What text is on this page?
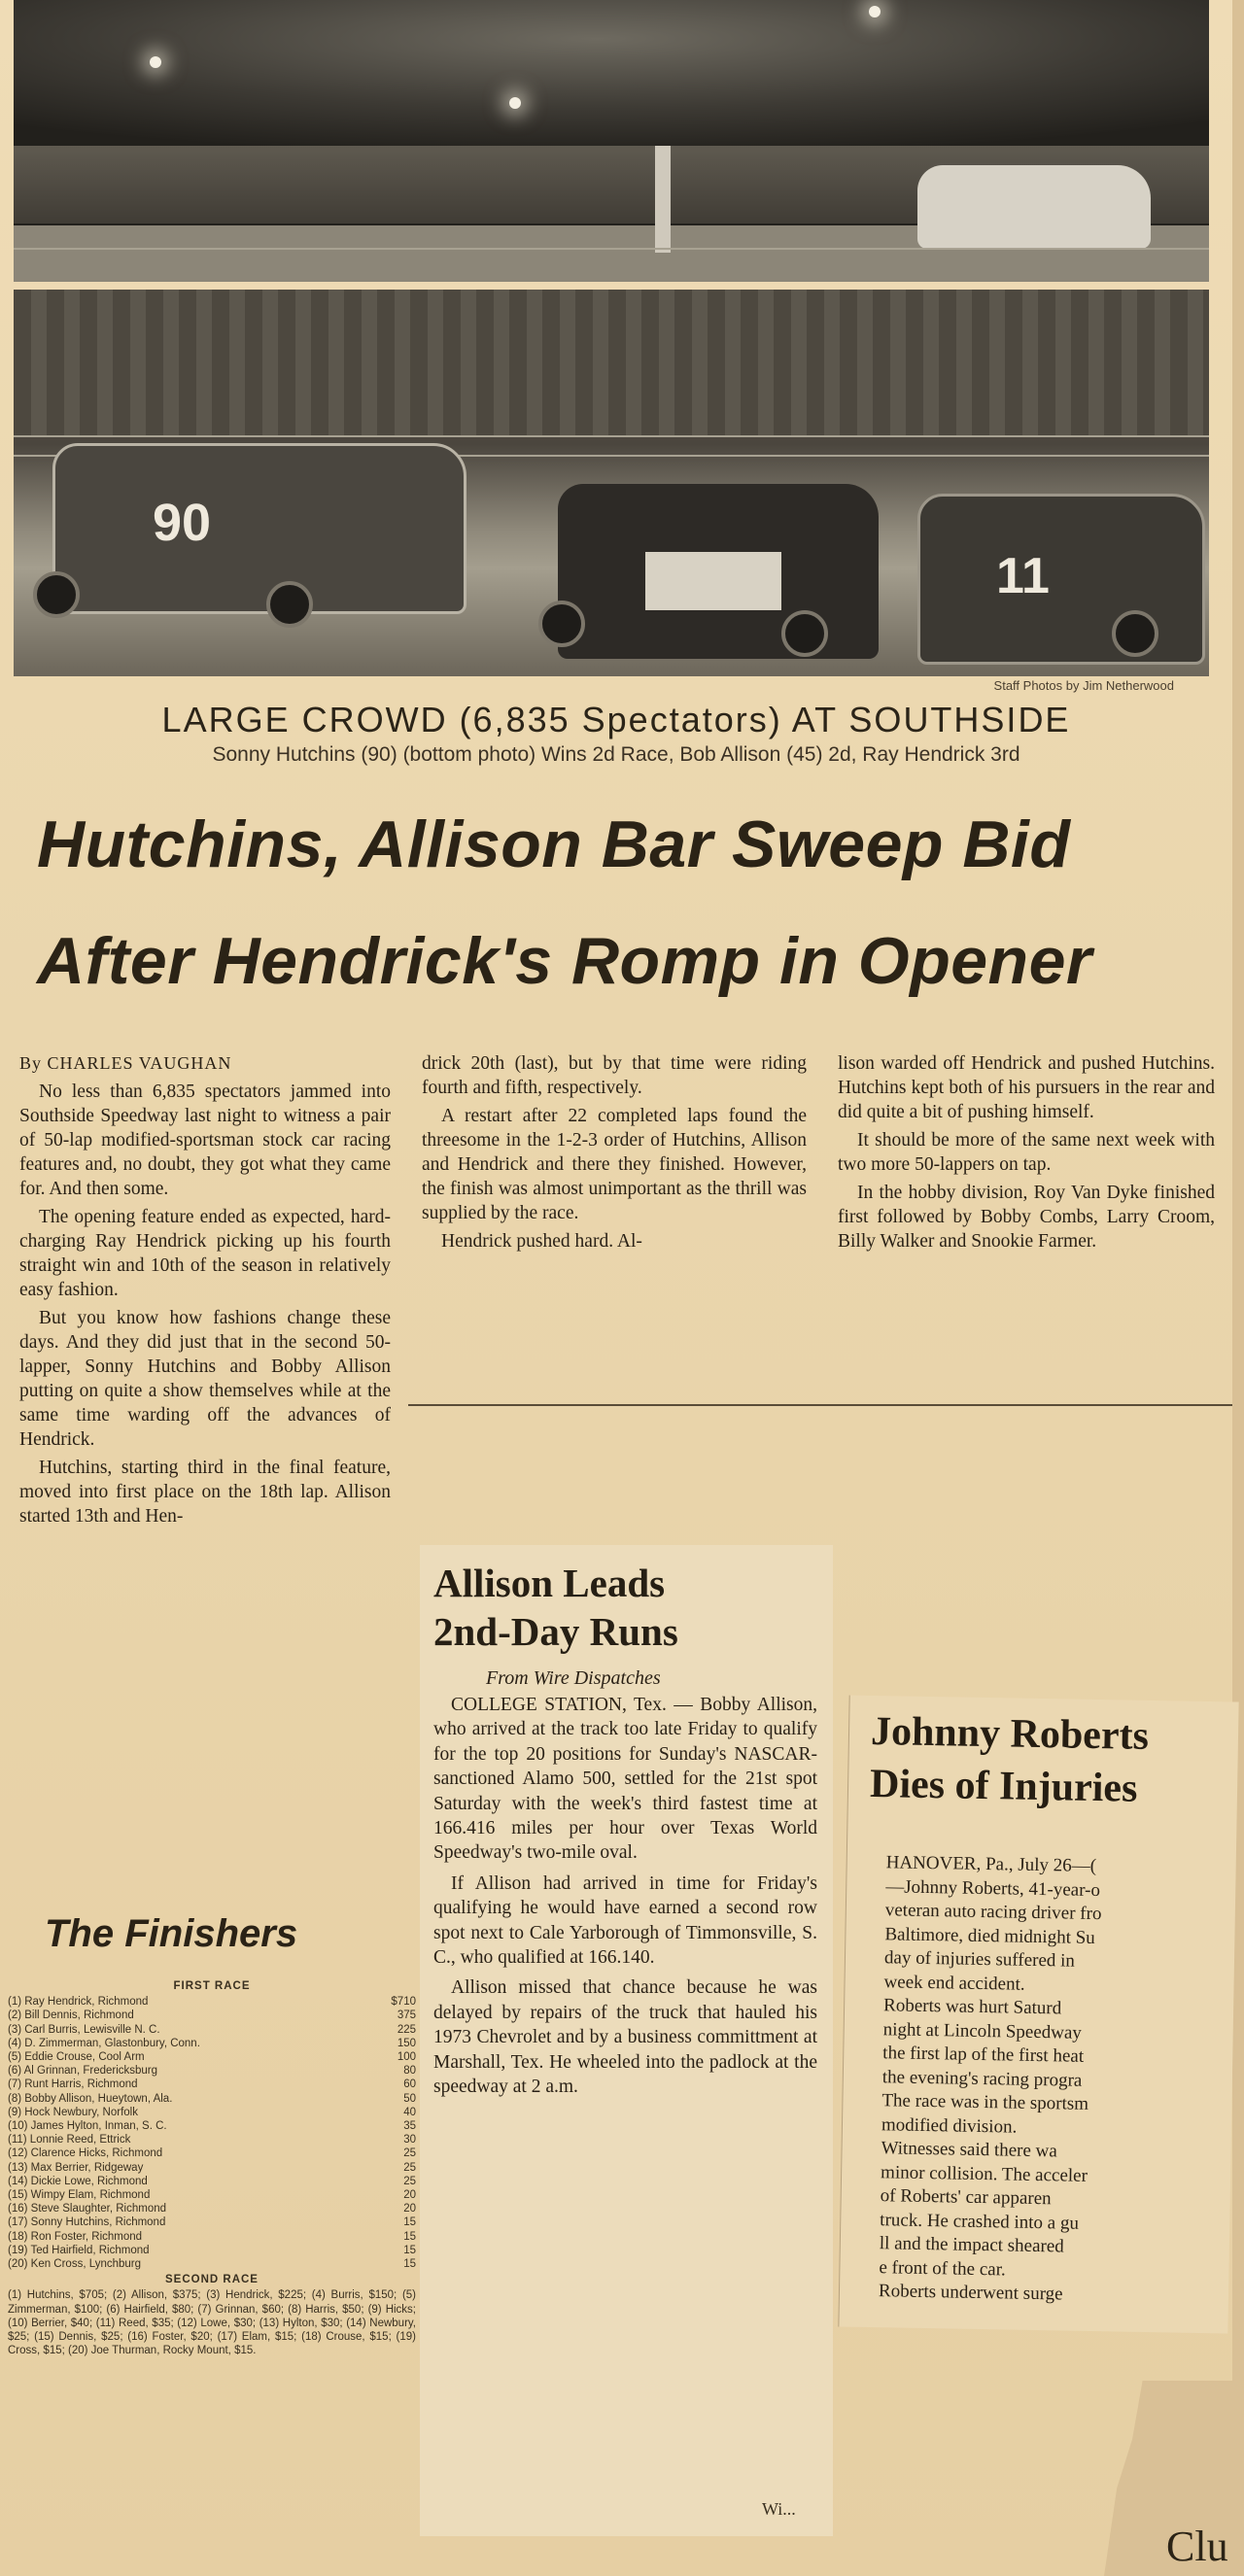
90
11
Staff Photos by Jim Netherwood
LARGE CROWD (6,835 Spectators) AT SOUTHSIDE
Sonny Hutchins (90) (bottom photo) Wins 2d Race, Bob Allison (45) 2d, Ray Hendrick 3rd
Hutchins, Allison Bar Sweep Bid
After Hendrick's Romp in Opener

By CHARLES VAUGHAN

No less than 6,835 spectators jammed into Southside Speedway last night to witness a pair of 50-lap modified-sportsman stock car racing features and, no doubt, they got what they came for. And then some.

The opening feature ended as expected, hard-charging Ray Hendrick picking up his fourth straight win and 10th of the season in relatively easy fashion.

But you know how fashions change these days. And they did just that in the second 50-lapper, Sonny Hutchins and Bobby Allison putting on quite a show themselves while at the same time warding off the advances of Hendrick.

Hutchins, starting third in the final feature, moved into first place on the 18th lap. Allison started 13th and Hen-

drick 20th (last), but by that time were riding fourth and fifth, respectively.

A restart after 22 completed laps found the threesome in the 1-2-3 order of Hutchins, Allison and Hendrick and there they finished. However, the finish was almost unimportant as the thrill was supplied by the race.

Hendrick pushed hard. Al-

lison warded off Hendrick and pushed Hutchins. Hutchins kept both of his pursuers in the rear and did quite a bit of pushing himself.

It should be more of the same next week with two more 50-lappers on tap.

In the hobby division, Roy Van Dyke finished first followed by Bobby Combs, Larry Croom, Billy Walker and Snookie Farmer.

The Finishers
FIRST RACE
(1) Ray Hendrick, Richmond	$710
(2) Bill Dennis, Richmond	375
(3) Carl Burris, Lewisville N. C.	225
(4) D. Zimmerman, Glastonbury, Conn.	150
(5) Eddie Crouse, Cool Arm	100
(6) Al Grinnan, Fredericksburg	80
(7) Runt Harris, Richmond	60
(8) Bobby Allison, Hueytown, Ala.	50
(9) Hock Newbury, Norfolk	40
(10) James Hylton, Inman, S. C.	35
(11) Lonnie Reed, Ettrick	30
(12) Clarence Hicks, Richmond	25
(13) Max Berrier, Ridgeway	25
(14) Dickie Lowe, Richmond	25
(15) Wimpy Elam, Richmond	20
(16) Steve Slaughter, Richmond	20
(17) Sonny Hutchins, Richmond	15
(18) Ron Foster, Richmond	15
(19) Ted Hairfield, Richmond	15
(20) Ken Cross, Lynchburg	15
SECOND RACE
(1) Hutchins, $705; (2) Allison, $375; (3) Hendrick, $225; (4) Burris, $150; (5) Zimmerman, $100; (6) Hairfield, $80; (7) Grinnan, $60; (8) Harris, $50; (9) Hicks; (10) Berrier, $40; (11) Reed, $35; (12) Lowe, $30; (13) Hylton, $30; (14) Newbury, $25; (15) Dennis, $25; (16) Foster, $20; (17) Elam, $15; (18) Crouse, $15; (19) Cross, $15; (20) Joe Thurman, Rocky Mount, $15.
Allison Leads
2nd-Day Runs
From Wire Dispatches

COLLEGE STATION, Tex. — Bobby Allison, who arrived at the track too late Friday to qualify for the top 20 positions for Sunday's NASCAR-sanctioned Alamo 500, settled for the 21st spot Saturday with the week's third fastest time at 166.416 miles per hour over Texas World Speedway's two-mile oval.

If Allison had arrived in time for Friday's qualifying he would have earned a second row spot next to Cale Yarborough of Timmonsville, S. C., who qualified at 166.140.

Allison missed that chance because he was delayed by repairs of the truck that hauled his 1973 Chevrolet and by a business committment at Marshall, Tex. He wheeled into the padlock at the speedway at 2 a.m.

Wi...
Johnny Roberts
Dies of Injuries
HANOVER, Pa., July 26—(
—Johnny Roberts, 41-year-o
veteran auto racing driver fro
Baltimore, died midnight Su
day of injuries suffered in
week end accident.
Roberts was hurt Saturd
night at Lincoln Speedway
the first lap of the first heat
the evening's racing progra
The race was in the sportsm
modified division.
Witnesses said there wa
minor collision. The acceler
of Roberts' car apparen
truck. He crashed into a gu
ll and the impact sheared
e front of the car.
Roberts underwent surge
Clu
